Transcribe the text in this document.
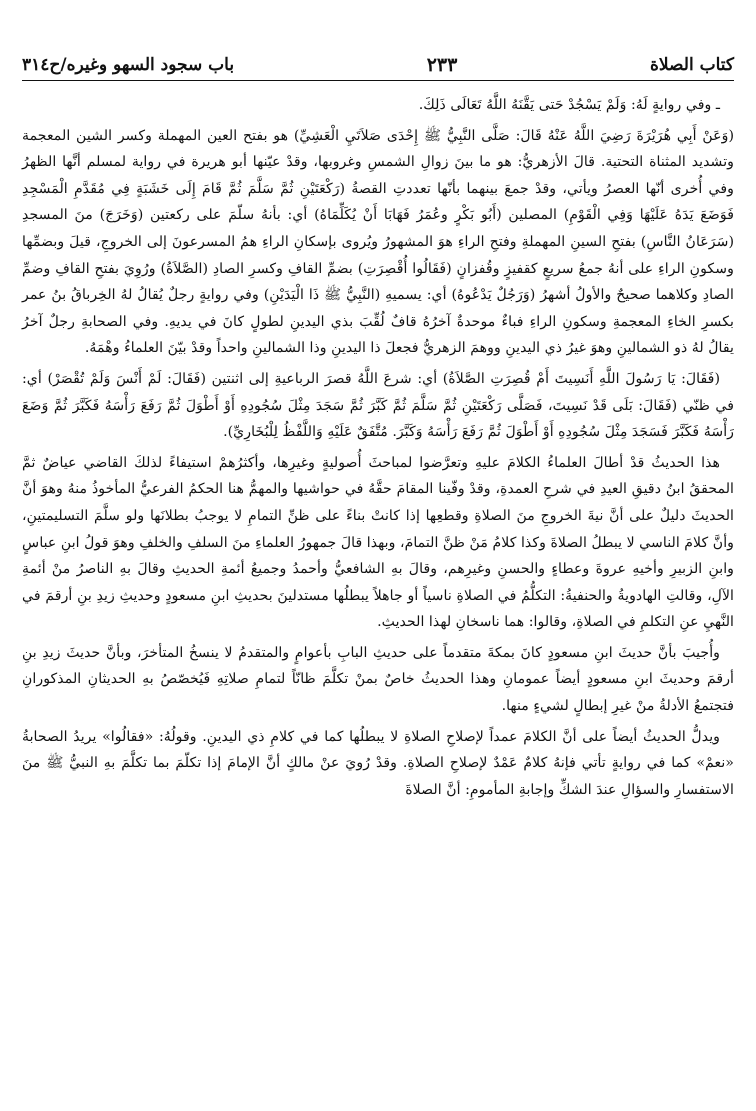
كتاب الصلاة
٢٣٣
باب سجود السهو وغيره/ح٣١٤

ـ وفي روايةٍ لَهُ: وَلَمْ يَسْجُدْ حَتى يَقَّنَهُ اللَّهُ تَعَالَى ذَلِكَ.

(وَعَنْ أَبِي هُرَيْرَةَ رَضِيَ اللَّهُ عَنْهُ قَالَ: صَلَّى النَّبِيُّ ﷺ إِحْدَى صَلاَتَيِ الْعَشِيِّ) هو بفتح العين المهملة وكسر الشين المعجمة وتشديد المثناة التحتية. قالَ الأزهريُّ: هو ما بينَ زوالِ الشمسِ وغروبها، وقدْ عيّنها أبو هريرة في رواية لمسلم أنَّها الظهرُ وفي أُخرى أنّها العصرُ ويأتي، وقدْ جمعَ بينهما بأنّها تعددتِ القصةُ (رَكْعَتَيْنِ ثُمَّ سَلَّمَ ثُمَّ قَامَ إِلَى خَشَبَةٍ فِي مُقَدَّمِ الْمَسْجِدِ فَوَضَعَ يَدَهُ عَلَيْهَا وَفِي الْقَوْمِ) المصلين (أَبُو بَكْرٍ وعُمَرُ فَهَابَا أَنْ يُكَلِّمَاهُ) أي: بأنهُ سلّمَ على ركعتين (وَخَرَجَ) منَ المسجدِ (سَرَعَانُ النَّاسِ) بفتحِ السينِ المهملةِ وفتحِ الراءِ هوَ المشهورُ ويُروى بإسكانِ الراءِ همُ المسرعونَ إلى الخروجِ، قيلَ وبضمِّها وسكونِ الراءِ على أنهُ جمعُ سريعٍ كقفيزٍ وقُفزانٍ (فَقَالُوا أُقْصِرَتِ) بضمِّ القافِ وكسرِ الصادِ (الصَّلاَةُ) ورُوِيَ بفتحِ القافِ وضمِّ الصادِ وكلاهما صحيحٌ والأولُ أشهرُ (وَرَجُلٌ يَدْعُوهُ) أي: يسميهِ (النَّبِيُّ ﷺ ذَا الْيَدَيْنِ) وفي روايةٍ رجلٌ يُقالُ لهُ الخِرباقُ بنُ عمر بكسرِ الخاءِ المعجمةِ وسكونِ الراءِ فباءٌ موحدةٌ آخرُهُ قافٌ لُقِّبَ بذي اليدينِ لطولٍ كانَ في يديهِ. وفي الصحابةِ رجلٌ آخرُ يقالُ لهُ ذو الشمالينِ وهوَ غيرُ ذي اليدينِ ووهمَ الزهريُّ فجعلَ ذا اليدينِ وذا الشمالينِ واحداً وقدْ بيّنَ العلماءُ وهْمَهُ.

(فَقَالَ: يَا رَسُولَ اللَّهِ أَنَسِيتَ أَمْ قُصِرَتِ الصَّلاَةُ) أي: شرعَ اللَّهُ قصرَ الرباعيةِ إلى اثنتين (فَقَالَ: لَمْ أَنْسَ وَلَمْ تُقْصَرْ) أي: في ظنّي (فَقَالَ: بَلَى قَدْ نَسِيتَ، فَصَلَّى رَكْعَتَيْنِ ثُمَّ سَلَّمَ ثُمَّ كَبَّرَ ثُمَّ سَجَدَ مِثْلَ سُجُودِهِ أَوْ أَطْوَلَ ثُمَّ رَفَعَ رَأْسَهُ فَكَبَّرَ ثُمَّ وَضَعَ رَأْسَهُ فَكَبَّرَ فَسَجَدَ مِثْلَ سُجُودِهِ أَوْ أَطْوَلَ ثُمَّ رَفَعَ رَأْسَهُ وَكَبَّرَ. مُتَّفَقٌ عَلَيْهِ وَاللَّفْظُ لِلْبُخَارِيِّ).

هذا الحديثُ قدْ أطالَ العلماءُ الكلامَ عليهِ وتعرَّضوا لمباحثَ أُصوليةٍ وغيرِها، وأكثرُهمْ استيفاءً لذلكَ القاضي عياضٌ ثمَّ المحققُ ابنُ دقيقِ العيدِ في شرحِ العمدةِ، وقدْ وفّينا المقامَ حقَّهُ في حواشيها والمهمُّ هنا الحكمُ الفرعيُّ المأخوذُ منهُ وهوَ أنَّ الحديثَ دليلٌ على أنَّ نيةَ الخروجِ منَ الصلاةِ وقطعِها إذا كانتْ بناءً على ظنِّ التمامِ لا يوجبُ بطلانَها ولو سلَّمَ التسليمتينِ، وأنَّ كلامَ الناسي لا يبطلُ الصلاةَ وكذا كلامُ مَنْ ظنَّ التمامَ، وبهذا قالَ جمهورُ العلماءِ منَ السلفِ والخلفِ وهوَ قولُ ابنِ عباسٍ وابنِ الزبيرِ وأخيهِ عروةَ وعطاءٍ والحسنِ وغيرِهم، وقالَ بهِ الشافعيُّ وأحمدُ وجميعُ أئمةِ الحديثِ وقالَ بهِ الناصرُ منْ أئمةِ الآلِ، وقالتِ الهادويةُ والحنفيةُ: التكلُّمُ في الصلاةِ ناسياً أو جاهلاً يبطلُها مستدلينَ بحديثِ ابنِ مسعودٍ وحديثِ زيدِ بنِ أرقمَ في النَّهيِ عنِ التكلمِ في الصلاةِ، وقالوا: هما ناسخانِ لهذا الحديثِ.

وأُجيبَ بأنَّ حديثَ ابنِ مسعودٍ كانَ بمكةَ متقدماً على حديثِ البابِ بأعوامٍ والمتقدمُ لا ينسخُ المتأخرَ، وبأنَّ حديثَ زيدِ بنِ أرقمَ وحديثَ ابنِ مسعودٍ أيضاً عمومانِ وهذا الحديثُ خاصٌ بمنْ تكلَّمَ ظانّاً لتمامِ صلاتِهِ فَيُخصّصُ بهِ الحديثانِ المذكورانِ فتجتمعُ الأدلةُ منْ غيرِ إبطالٍ لشيءٍ منها.

ويدلُّ الحديثُ أيضاً على أنَّ الكلامَ عمداً لإصلاحِ الصلاةِ لا يبطلُها كما في كلامِ ذي اليدينِ. وقولُهُ: «فقالُوا» يريدُ الصحابةُ «نعمْ» كما في روايةٍ تأتي فإنهُ كلامٌ عَمْدٌ لإصلاحِ الصلاةِ. وقدْ رُويَ عنْ مالكٍ أنَّ الإمامَ إذا تكلّمَ بما تكلَّمَ بهِ النبيُّ ﷺ منَ الاستفسارِ والسؤالِ عندَ الشكِّ وإجابةِ المأمومِ: أنَّ الصلاةَ
